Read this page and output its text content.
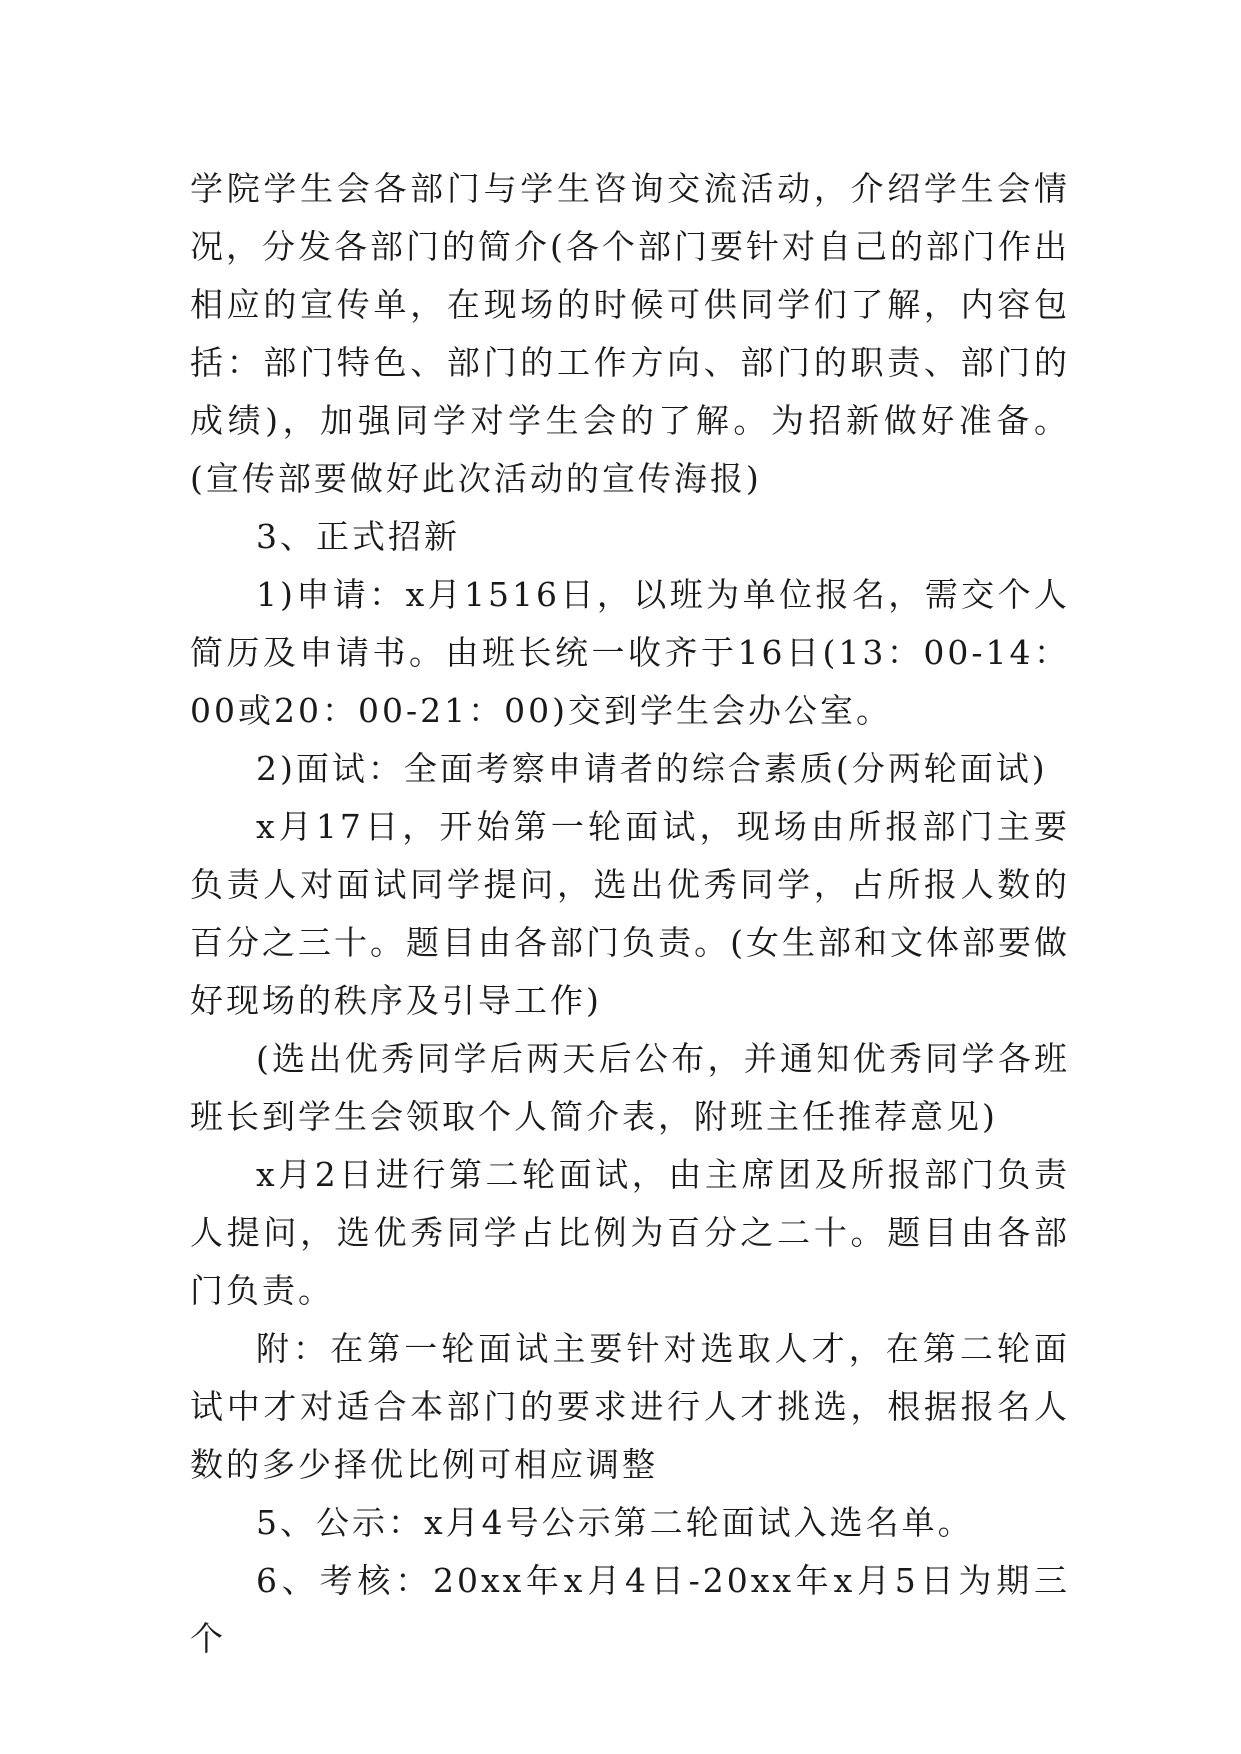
学院学生会各部门与学生咨询交流活动，介绍学生会情况，分发各部门的简介(各个部门要针对自己的部门作出相应的宣传单，在现场的时候可供同学们了解，内容包括：部门特色、部门的工作方向、部门的职责、部门的成绩)，加强同学对学生会的了解。为招新做好准备。(宣传部要做好此次活动的宣传海报)

3、正式招新

1)申请：x月1516日，以班为单位报名，需交个人简历及申请书。由班长统一收齐于16日(13：00-14：00或20：00-21：00)交到学生会办公室。

2)面试：全面考察申请者的综合素质(分两轮面试)

x月17日，开始第一轮面试，现场由所报部门主要负责人对面试同学提问，选出优秀同学，占所报人数的百分之三十。题目由各部门负责。(女生部和文体部要做好现场的秩序及引导工作)

(选出优秀同学后两天后公布，并通知优秀同学各班班长到学生会领取个人简介表，附班主任推荐意见)

x月2日进行第二轮面试，由主席团及所报部门负责人提问，选优秀同学占比例为百分之二十。题目由各部门负责。

附：在第一轮面试主要针对选取人才，在第二轮面试中才对适合本部门的要求进行人才挑选，根据报名人数的多少择优比例可相应调整

5、公示：x月4号公示第二轮面试入选名单。

6、考核：20xx年x月4日-20xx年x月5日为期三个
